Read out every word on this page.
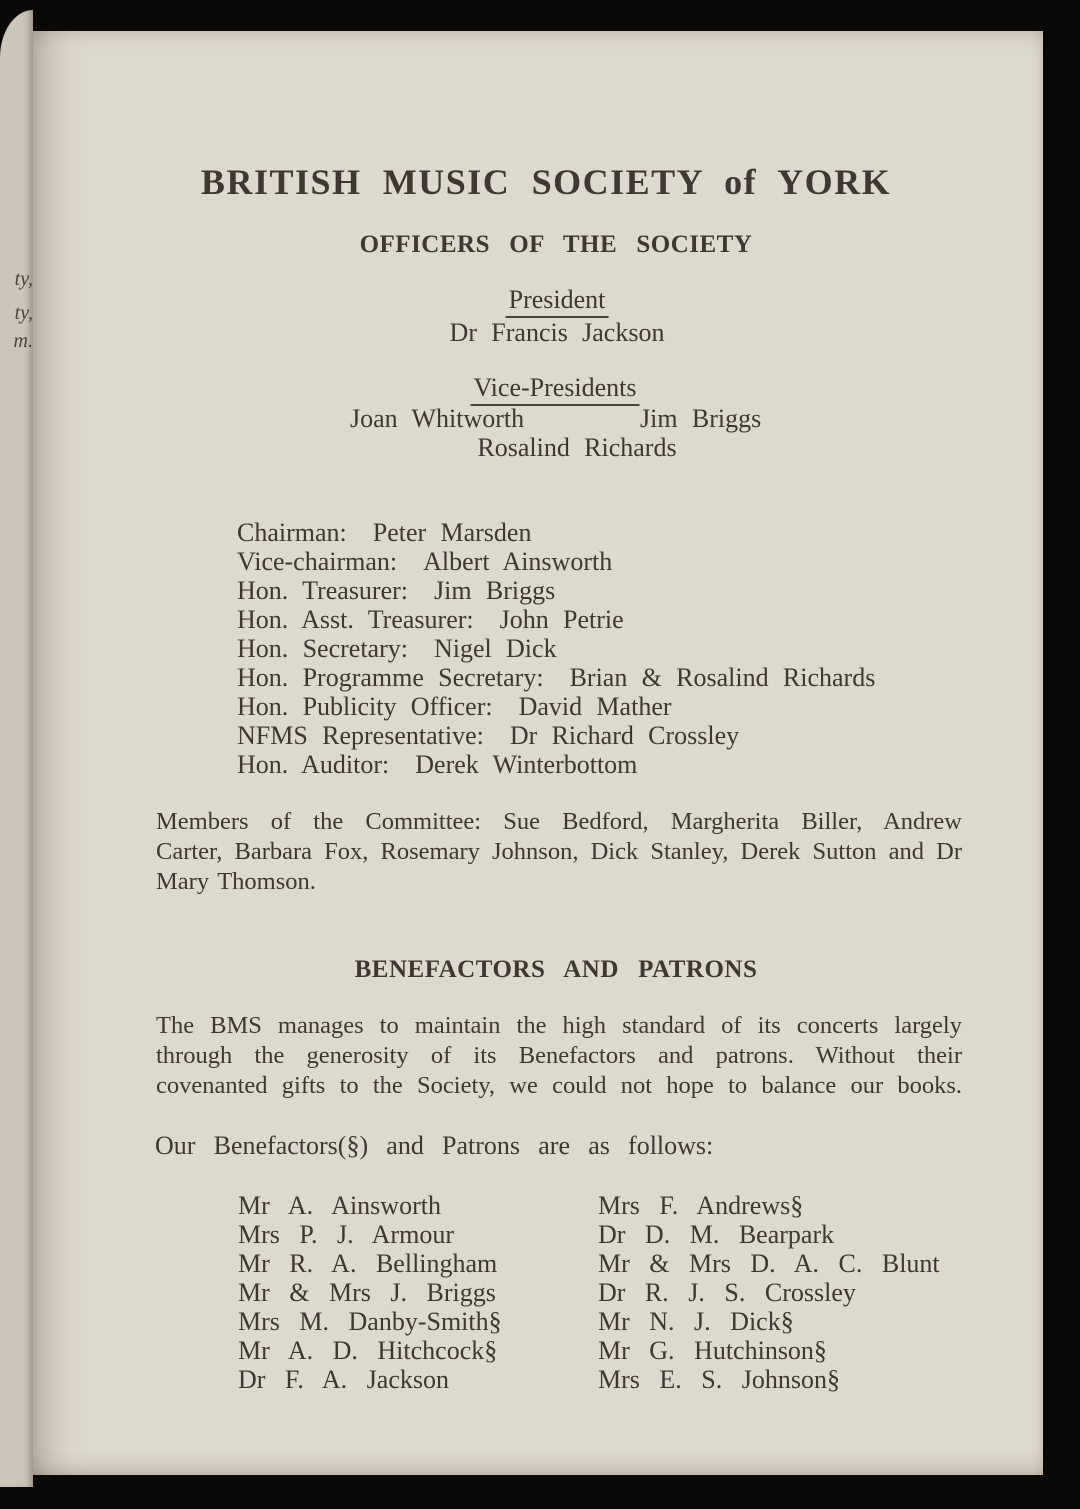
ty,
ty,
m.
BRITISH MUSIC SOCIETY of YORK
OFFICERS OF THE SOCIETY
President
Dr Francis Jackson
Vice-Presidents
Joan Whitworth	Jim Briggs
Rosalind Richards
Chairman: Peter Marsden
Vice-chairman: Albert Ainsworth
Hon. Treasurer: Jim Briggs
Hon. Asst. Treasurer: John Petrie
Hon. Secretary: Nigel Dick
Hon. Programme Secretary: Brian & Rosalind Richards
Hon. Publicity Officer: David Mather
NFMS Representative: Dr Richard Crossley
Hon. Auditor: Derek Winterbottom
Members of the Committee: Sue Bedford, Margherita Biller, Andrew
Carter, Barbara Fox, Rosemary Johnson, Dick Stanley, Derek Sutton and Dr
Mary Thomson.
BENEFACTORS AND PATRONS
The BMS manages to maintain the high standard of its concerts largely
through the generosity of its Benefactors and patrons. Without their
covenanted gifts to the Society, we could not hope to balance our books.
Our Benefactors(§) and Patrons are as follows:
Mr A. Ainsworth
Mrs P. J. Armour
Mr R. A. Bellingham
Mr & Mrs J. Briggs
Mrs M. Danby-Smith§
Mr A. D. Hitchcock§
Dr F. A. Jackson
Mrs F. Andrews§
Dr D. M. Bearpark
Mr & Mrs D. A. C. Blunt
Dr R. J. S. Crossley
Mr N. J. Dick§
Mr G. Hutchinson§
Mrs E. S. Johnson§
